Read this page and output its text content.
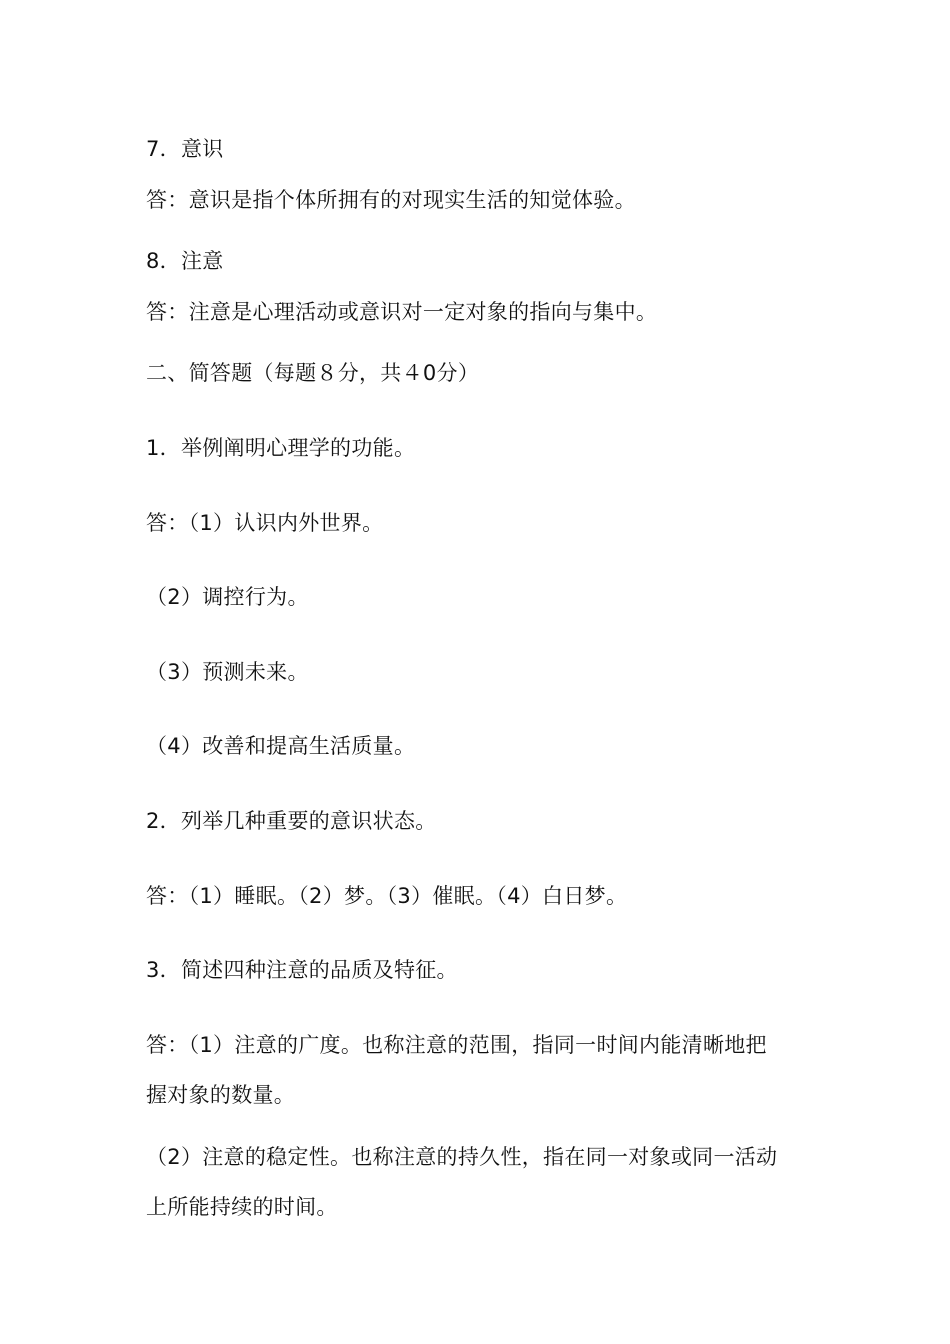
7．意识
答：意识是指个体所拥有的对现实生活的知觉体验。
8．注意
答：注意是心理活动或意识对一定对象的指向与集中。
二、简答题（每题８分，共４0分）
1．举例阐明心理学的功能。
答：（1）认识内外世界。
（2）调控行为。
（3）预测未来。
（4）改善和提高生活质量。
2．列举几种重要的意识状态。
答：（1）睡眠。（2）梦。（3）催眠。（4）白日梦。
3．简述四种注意的品质及特征。
答：（1）注意的广度。也称注意的范围，指同一时间内能清晰地把
握对象的数量。
（2）注意的稳定性。也称注意的持久性，指在同一对象或同一活动
上所能持续的时间。
